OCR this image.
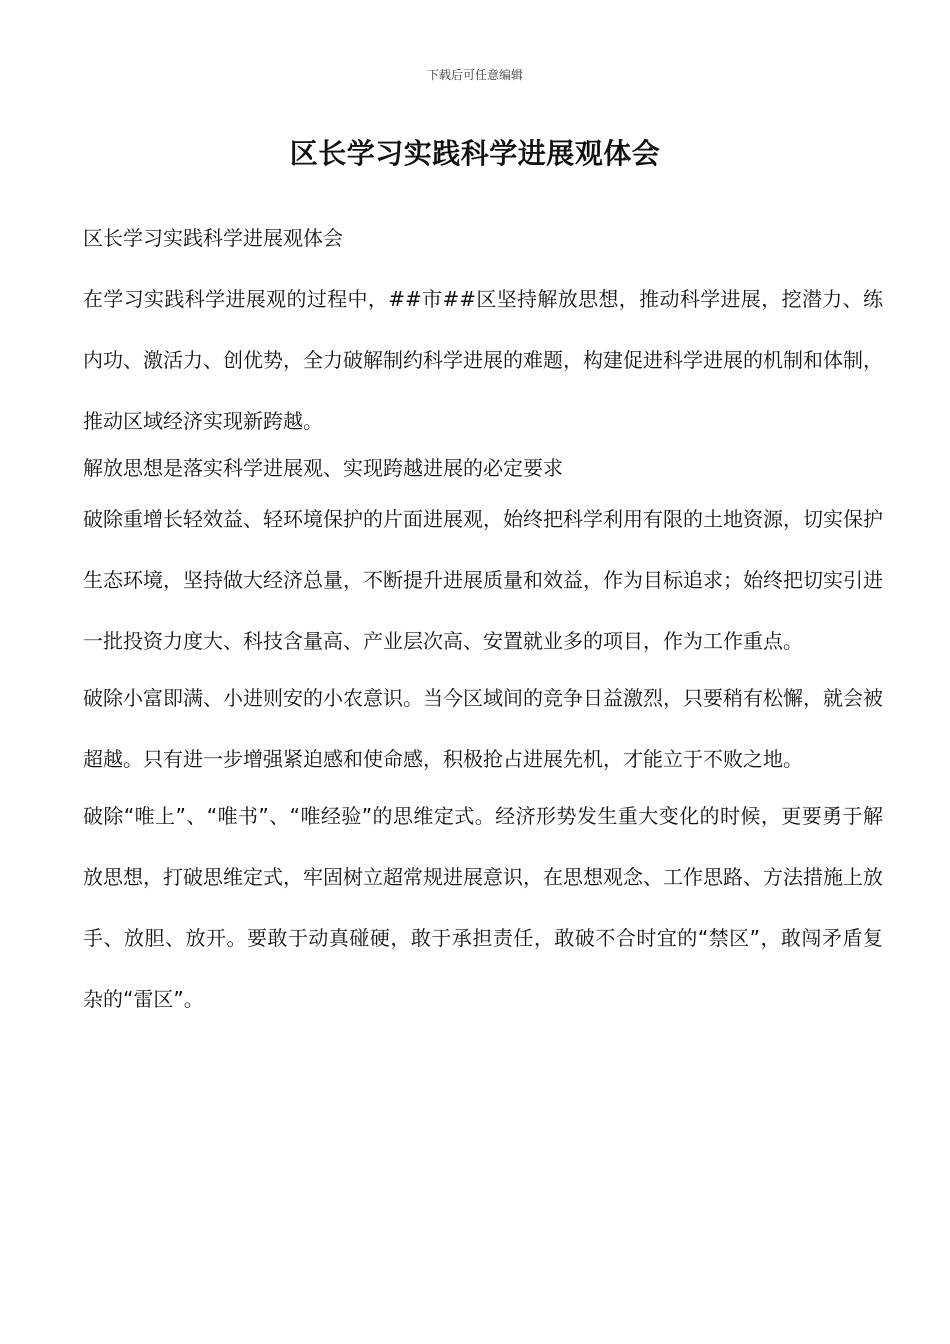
下载后可任意编辑
区长学习实践科学进展观体会

区长学习实践科学进展观体会

在学习实践科学进展观的过程中，##市##区坚持解放思想，推动科学进展，挖潜力、练内功、激活力、创优势，全力破解制约科学进展的难题，构建促进科学进展的机制和体制，推动区域经济实现新跨越。

解放思想是落实科学进展观、实现跨越进展的必定要求

破除重增长轻效益、轻环境保护的片面进展观，始终把科学利用有限的土地资源，切实保护生态环境，坚持做大经济总量，不断提升进展质量和效益，作为目标追求；始终把切实引进一批投资力度大、科技含量高、产业层次高、安置就业多的项目，作为工作重点。

破除小富即满、小进则安的小农意识。当今区域间的竞争日益激烈，只要稍有松懈，就会被超越。只有进一步增强紧迫感和使命感，积极抢占进展先机，才能立于不败之地。

破除“唯上”、“唯书”、“唯经验”的思维定式。经济形势发生重大变化的时候，更要勇于解放思想，打破思维定式，牢固树立超常规进展意识，在思想观念、工作思路、方法措施上放手、放胆、放开。要敢于动真碰硬，敢于承担责任，敢破不合时宜的“禁区”，敢闯矛盾复杂的“雷区”。
